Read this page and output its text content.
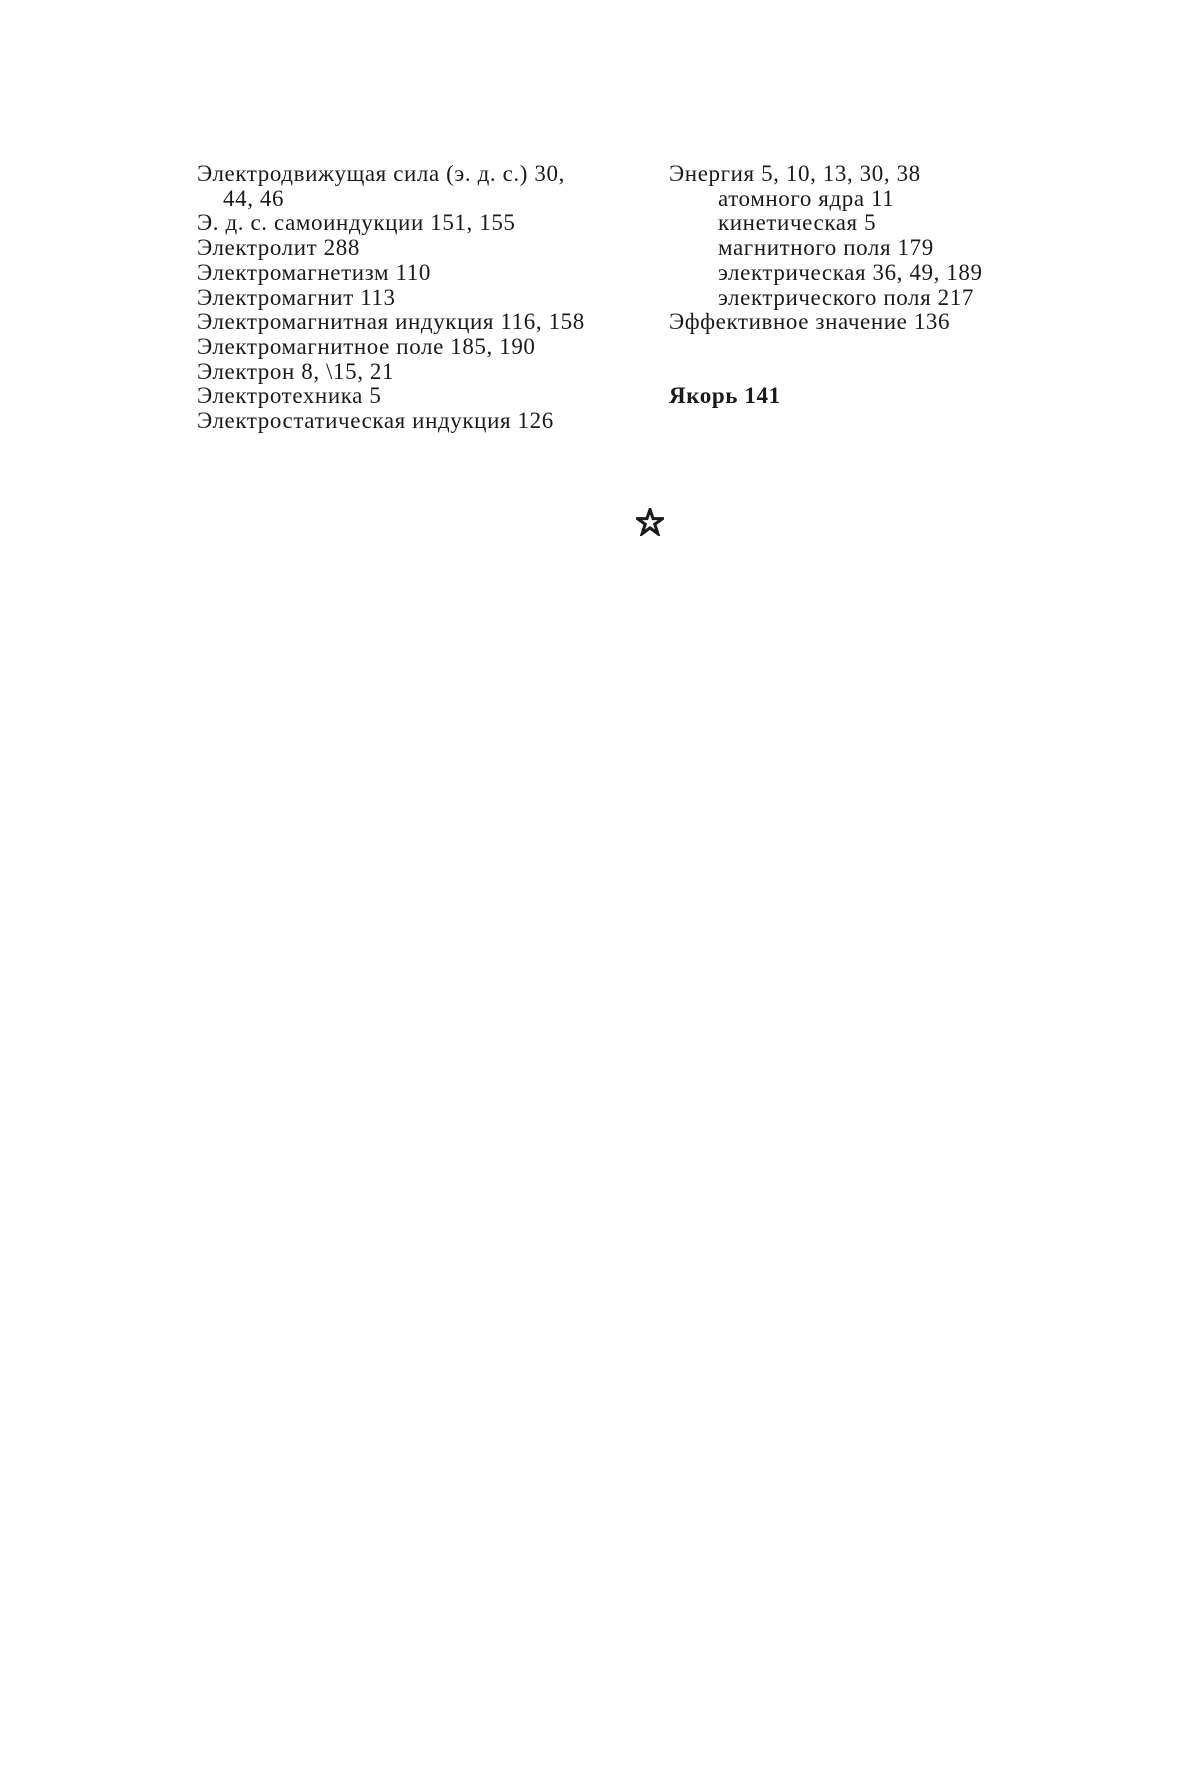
Электродвижущая сила (э. д. с.) 30,
44, 46
Э. д. с. самоиндукции 151, 155
Электролит 288
Электромагнетизм 110
Электромагнит 113
Электромагнитная индукция 116, 158
Электромагнитное поле 185, 190
Электрон 8, \15, 21
Электротехника 5
Электростатическая индукция 126
Энергия 5, 10, 13, 30, 38
атомного ядра 11
кинетическая 5
магнитного поля 179
электрическая 36, 49, 189
электрического поля 217
Эффективное значение 136
Якорь 141
